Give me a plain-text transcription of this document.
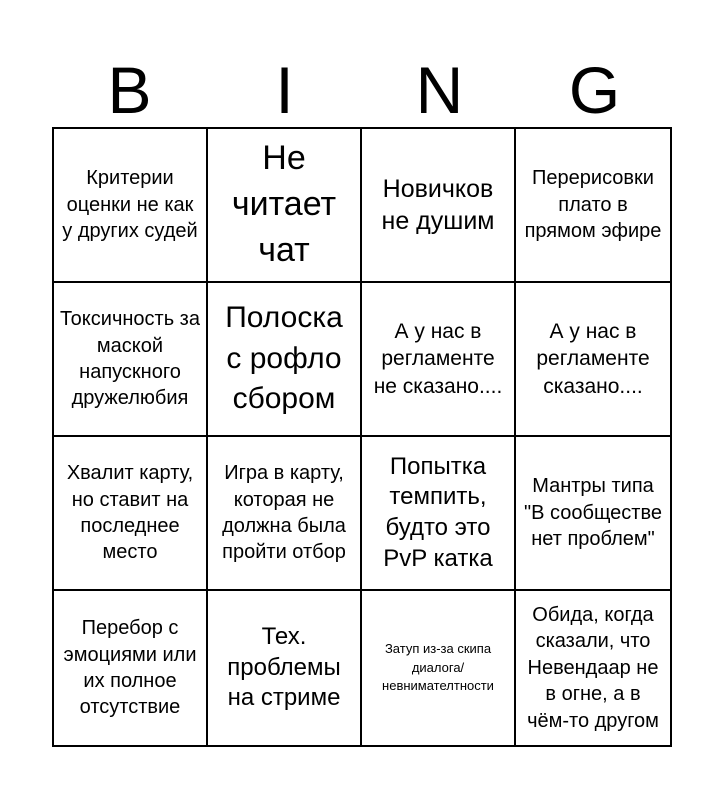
B	I	N	G
Критерии оценки не как у других судей
Не читает чат
Новичков не душим
Перерисовки плато в прямом эфире
Токсичность за маской напускного дружелюбия
Полоска с рофло сбором
А у нас в регламенте не сказано....
А у нас в регламенте сказано....
Хвалит карту, но ставит на последнее место
Игра в карту, которая не должна была пройти отбор
Попытка темпить, будто это PvP катка
Мантры типа "В сообществе нет проблем"
Перебор с эмоциями или их полное отсутствие
Тех. проблемы на стриме
Затуп из-за скипа диалога/ невнимателтности
Обида, когда сказали, что Невендаар не в огне, а в чём-то другом
